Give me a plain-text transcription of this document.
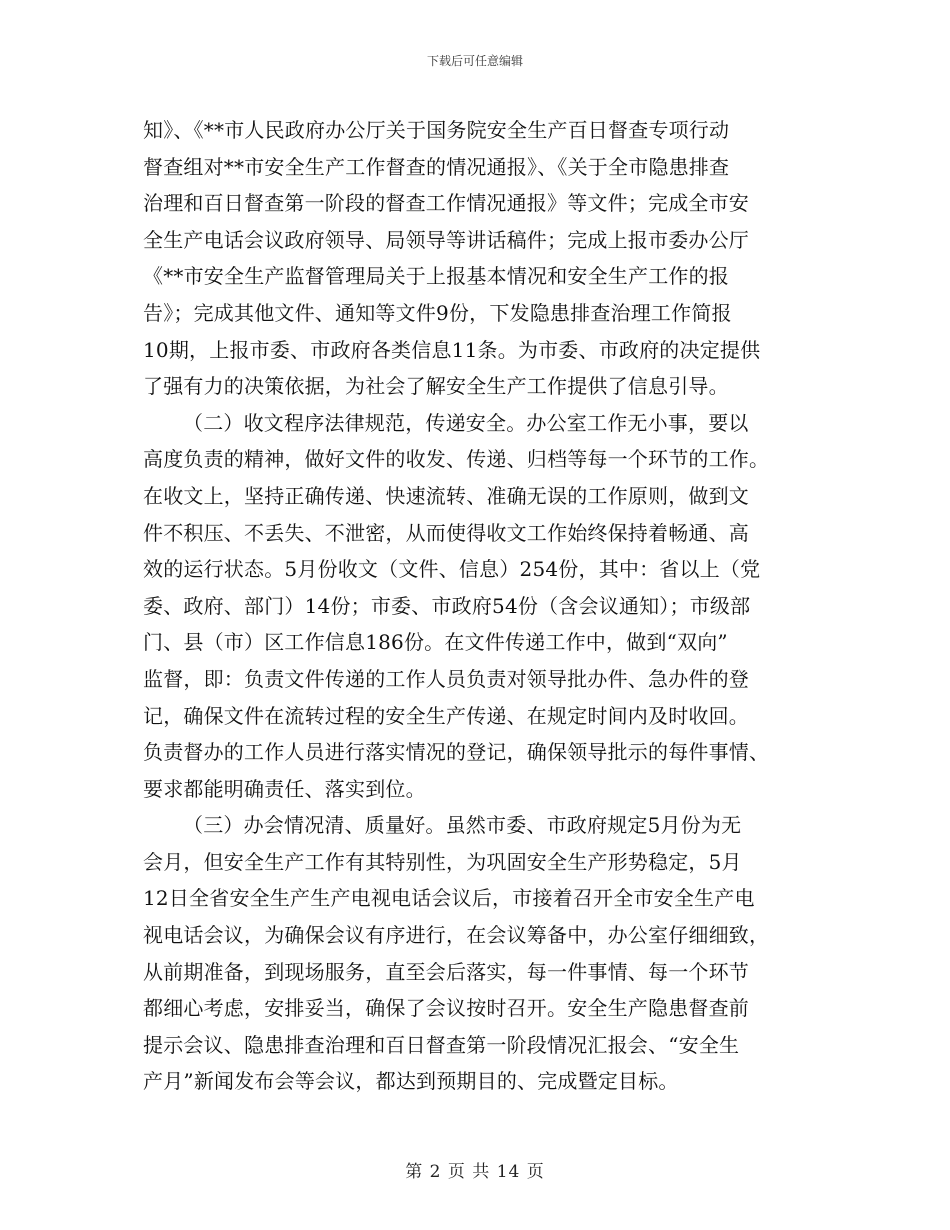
下载后可任意编辑
知》、《**市人民政府办公厅关于国务院安全生产百日督查专项行动
督查组对**市安全生产工作督查的情况通报》、《关于全市隐患排查
治理和百日督查第一阶段的督查工作情况通报》等文件；完成全市安
全生产电话会议政府领导、局领导等讲话稿件；完成上报市委办公厅
《**市安全生产监督管理局关于上报基本情况和安全生产工作的报
告》；完成其他文件、通知等文件9份，下发隐患排查治理工作简报
10期，上报市委、市政府各类信息11条。为市委、市政府的决定提供
了强有力的决策依据，为社会了解安全生产工作提供了信息引导。
（二）收文程序法律规范，传递安全。办公室工作无小事，要以
高度负责的精神，做好文件的收发、传递、归档等每一个环节的工作。
在收文上，坚持正确传递、快速流转、准确无误的工作原则，做到文
件不积压、不丢失、不泄密，从而使得收文工作始终保持着畅通、高
效的运行状态。5月份收文（文件、信息）254份，其中：省以上（党
委、政府、部门）14份；市委、市政府54份（含会议通知）；市级部
门、县（市）区工作信息186份。在文件传递工作中，做到“双向”
监督，即：负责文件传递的工作人员负责对领导批办件、急办件的登
记，确保文件在流转过程的安全生产传递、在规定时间内及时收回。
负责督办的工作人员进行落实情况的登记，确保领导批示的每件事情、
要求都能明确责任、落实到位。
（三）办会情况清、质量好。虽然市委、市政府规定5月份为无
会月，但安全生产工作有其特别性，为巩固安全生产形势稳定，5月
12日全省安全生产生产电视电话会议后，市接着召开全市安全生产电
视电话会议，为确保会议有序进行，在会议筹备中，办公室仔细细致，
从前期准备，到现场服务，直至会后落实，每一件事情、每一个环节
都细心考虑，安排妥当，确保了会议按时召开。安全生产隐患督查前
提示会议、隐患排查治理和百日督查第一阶段情况汇报会、“安全生
产月”新闻发布会等会议，都达到预期目的、完成暨定目标。
第 2 页 共 14 页
